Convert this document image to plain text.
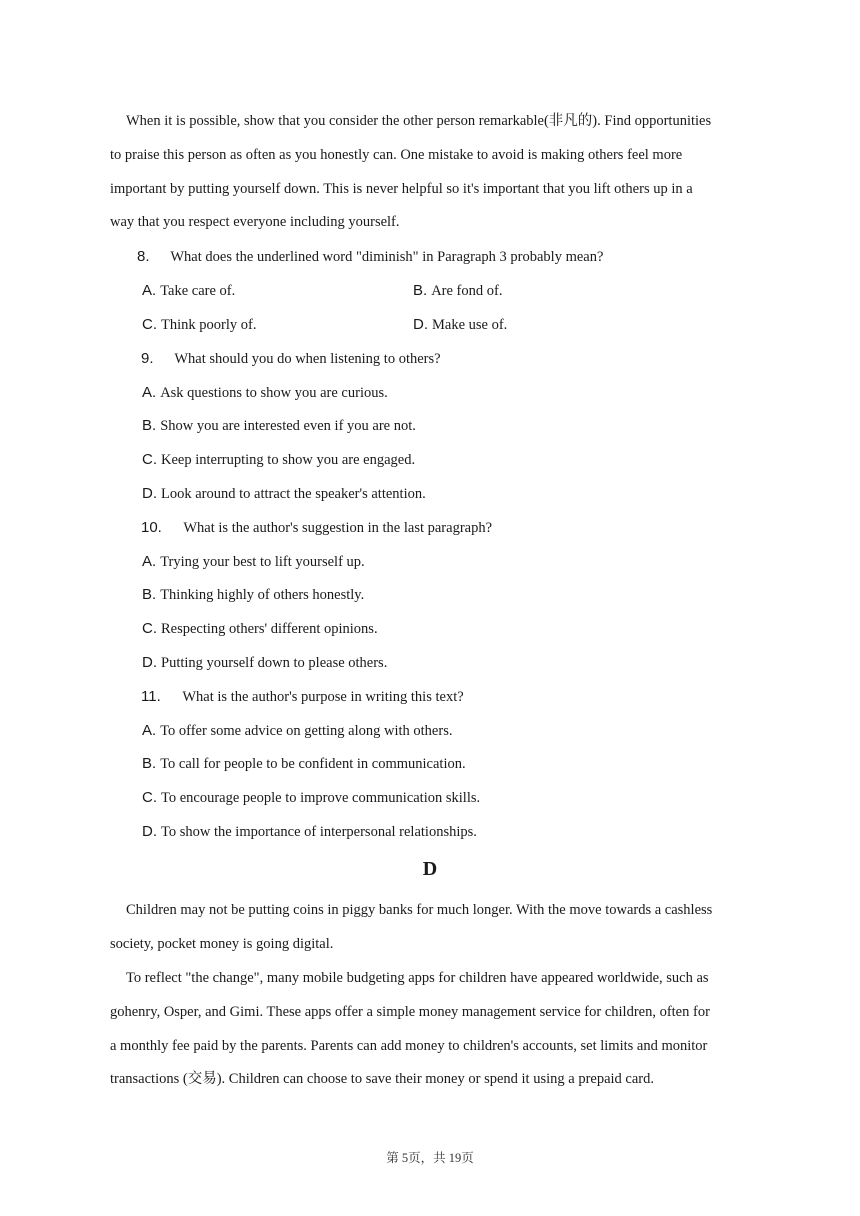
When it is possible, show that you consider the other person remarkable(非凡的). Find opportunities
to praise this person as often as you honestly can. One mistake to avoid is making others feel more
important by putting yourself down. This is never helpful so it's important that you lift others up in a
way that you respect everyone including yourself.

8. What does the underlined word "diminish" in Paragraph 3 probably mean?
A. Take care of.	B. Are fond of.
C. Think poorly of.	D. Make use of.
9. What should you do when listening to others?
A. Ask questions to show you are curious.
B. Show you are interested even if you are not.
C. Keep interrupting to show you are engaged.
D. Look around to attract the speaker's attention.
10. What is the author's suggestion in the last paragraph?
A. Trying your best to lift yourself up.
B. Thinking highly of others honestly.
C. Respecting others' different opinions.
D. Putting yourself down to please others.
11. What is the author's purpose in writing this text?
A. To offer some advice on getting along with others.
B. To call for people to be confident in communication.
C. To encourage people to improve communication skills.
D. To show the importance of interpersonal relationships.
D

Children may not be putting coins in piggy banks for much longer. With the move towards a cashless
society, pocket money is going digital.

To reflect "the change", many mobile budgeting apps for children have appeared worldwide, such as
gohenry, Osper, and Gimi. These apps offer a simple money management service for children, often for
a monthly fee paid by the parents. Parents can add money to children's accounts, set limits and monitor
transactions (交易). Children can choose to save their money or spend it using a prepaid card.

第 5页，共 19页
